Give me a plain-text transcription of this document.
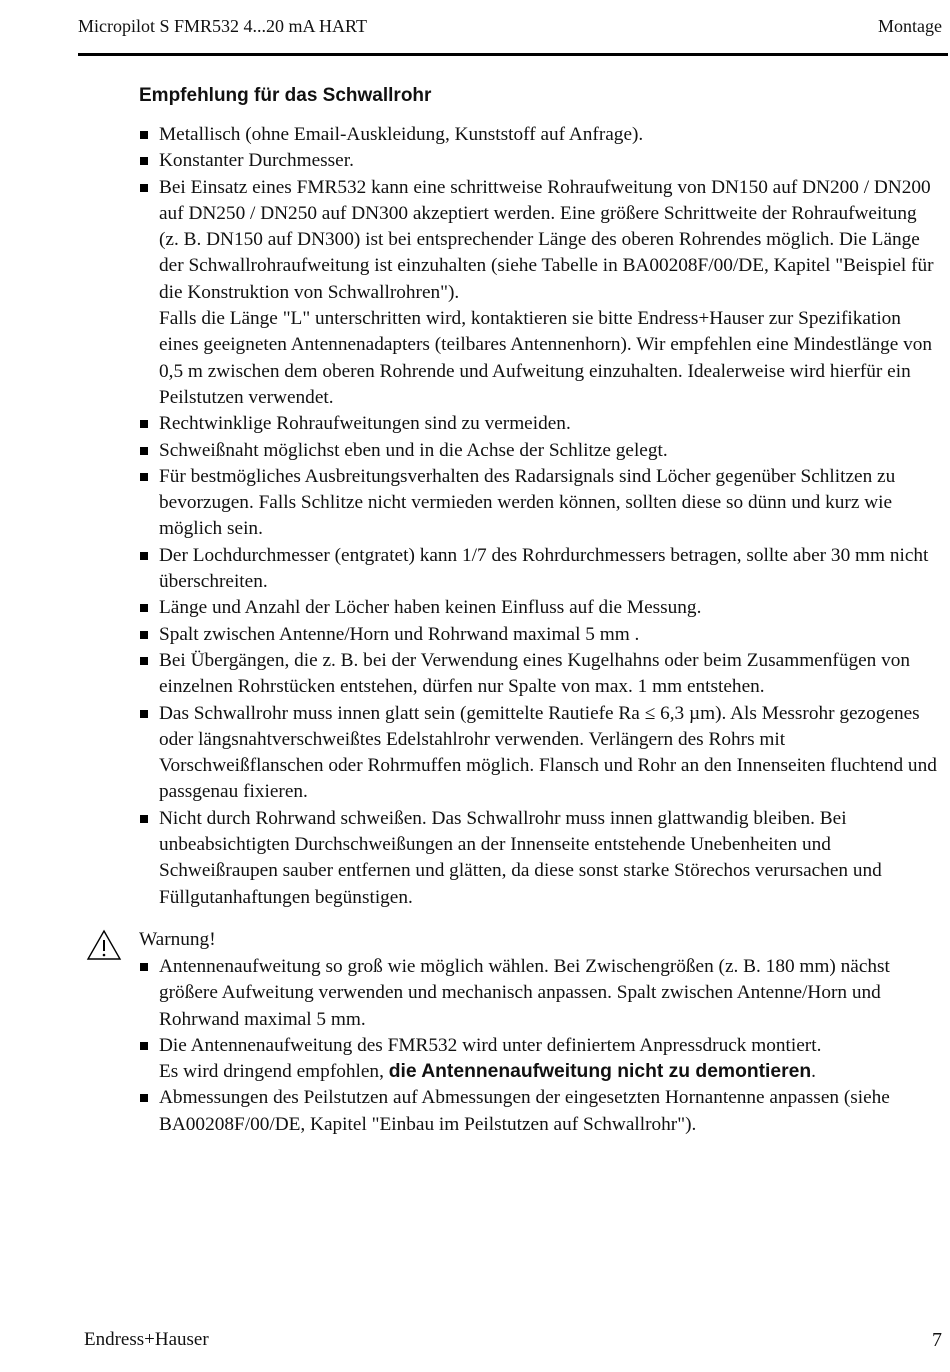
Micropilot S FMR532 4...20 mA HART	Montage
Empfehlung für das Schwallrohr
Metallisch (ohne Email-Auskleidung, Kunststoff auf Anfrage).
Konstanter Durchmesser.
Bei Einsatz eines FMR532 kann eine schrittweise Rohraufweitung von DN150 auf DN200 / DN200 auf DN250 / DN250 auf DN300 akzeptiert werden. Eine größere Schrittweite der Rohraufweitung (z. B. DN150 auf DN300) ist bei entsprechender Länge des oberen Rohrendes möglich. Die Länge der Schwallrohraufweitung ist einzuhalten (siehe Tabelle in BA00208F/00/DE, Kapitel "Beispiel für die Konstruktion von Schwallrohren").
Falls die Länge "L" unterschritten wird, kontaktieren sie bitte Endress+Hauser zur Spezifikation eines geeigneten Antennenadapters (teilbares Antennenhorn). Wir empfehlen eine Mindestlänge von 0,5 m zwischen dem oberen Rohrende und Aufweitung einzuhalten. Idealerweise wird hierfür ein Peilstutzen verwendet.
Rechtwinklige Rohraufweitungen sind zu vermeiden.
Schweißnaht möglichst eben und in die Achse der Schlitze gelegt.
Für bestmögliches Ausbreitungsverhalten des Radarsignals sind Löcher gegenüber Schlitzen zu bevorzugen. Falls Schlitze nicht vermieden werden können, sollten diese so dünn und kurz wie möglich sein.
Der Lochdurchmesser (entgratet) kann 1/7 des Rohrdurchmessers betragen, sollte aber 30 mm nicht überschreiten.
Länge und Anzahl der Löcher haben keinen Einfluss auf die Messung.
Spalt zwischen Antenne/Horn und Rohrwand maximal 5 mm .
Bei Übergängen, die z. B. bei der Verwendung eines Kugelhahns oder beim Zusammenfügen von einzelnen Rohrstücken entstehen, dürfen nur Spalte von max. 1 mm entstehen.
Das Schwallrohr muss innen glatt sein (gemittelte Rautiefe Ra ≤ 6,3 µm). Als Messrohr gezogenes oder längsnahtverschweißtes Edelstahlrohr verwenden. Verlängern des Rohrs mit Vorschweißflanschen oder Rohrmuffen möglich. Flansch und Rohr an den Innenseiten fluchtend und passgenau fixieren.
Nicht durch Rohrwand schweißen. Das Schwallrohr muss innen glattwandig bleiben. Bei unbeabsichtigten Durchschweißungen an der Innenseite entstehende Unebenheiten und Schweißraupen sauber entfernen und glätten, da diese sonst starke Störechos verursachen und Füllgutanhaftungen begünstigen.
Warnung!
Antennenaufweitung so groß wie möglich wählen. Bei Zwischengrößen (z. B. 180 mm) nächst größere Aufweitung verwenden und mechanisch anpassen. Spalt zwischen Antenne/Horn und Rohrwand maximal 5 mm.
Die Antennenaufweitung des FMR532 wird unter definiertem Anpressdruck montiert.
Es wird dringend empfohlen, die Antennenaufweitung nicht zu demontieren.
Abmessungen des Peilstutzen auf Abmessungen der eingesetzten Hornantenne anpassen (siehe BA00208F/00/DE, Kapitel "Einbau im Peilstutzen auf Schwallrohr").
Endress+Hauser	7
